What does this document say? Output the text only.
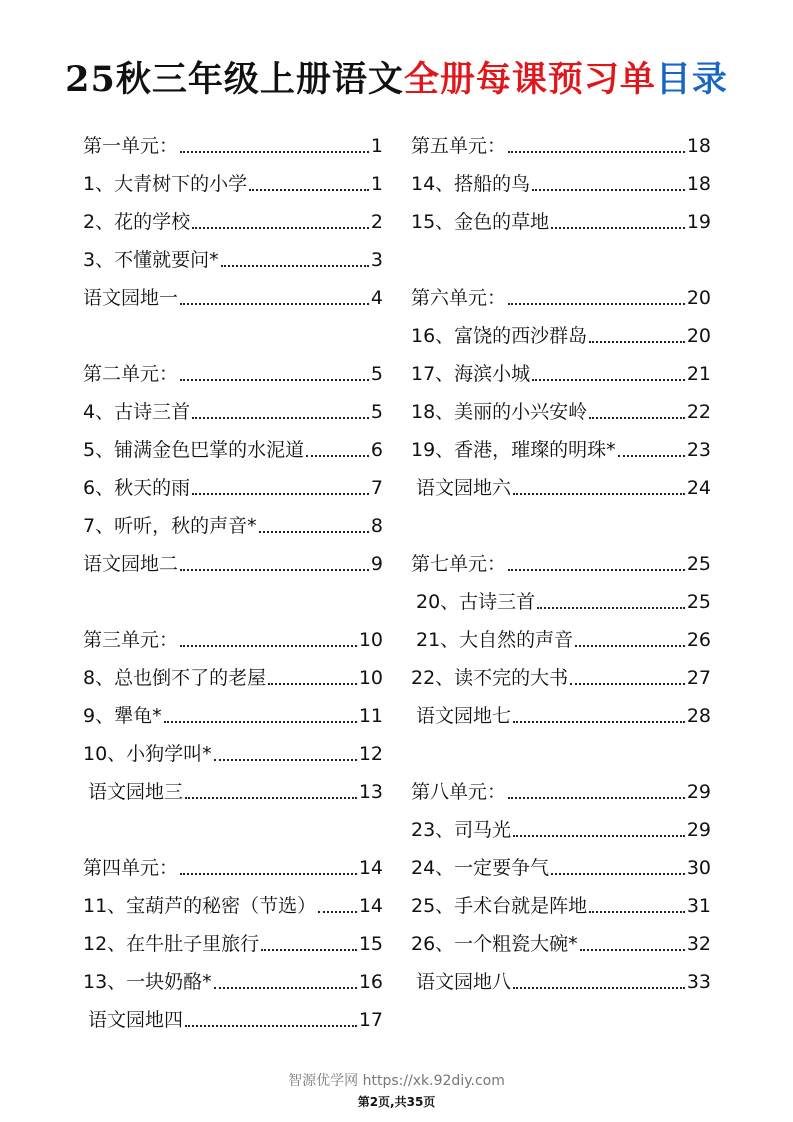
25秋三年级上册语文全册每课预习单目录
第一单元：	1
1、大青树下的小学	1
2、花的学校	2
3、不懂就要问*	3
语文园地一	4
第二单元：	5
4、古诗三首	5
5、铺满金色巴掌的水泥道	6
6、秋天的雨	7
7、听听，秋的声音*	8
语文园地二	9
第三单元：	10
8、总也倒不了的老屋	10
9、犟龟*	11
10、小狗学叫*	12
语文园地三	13
第四单元：	14
11、宝葫芦的秘密（节选） 14
12、在牛肚子里旅行	15
13、一块奶酪*	16
语文园地四	17
第五单元：	18
14、搭船的鸟	18
15、金色的草地	19
第六单元：	20
16、富饶的西沙群岛	20
17、海滨小城	21
18、美丽的小兴安岭	22
19、香港，璀璨的明珠*	23
语文园地六	24
第七单元：	25
20、古诗三首	25
21、大自然的声音	26
22、读不完的大书	27
语文园地七	28
第八单元：	29
23、司马光	29
24、一定要争气	30
25、手术台就是阵地	31
26、一个粗瓷大碗*	32
语文园地八	33
智源优学网 https://xk.92diy.com
第2页,共35页
